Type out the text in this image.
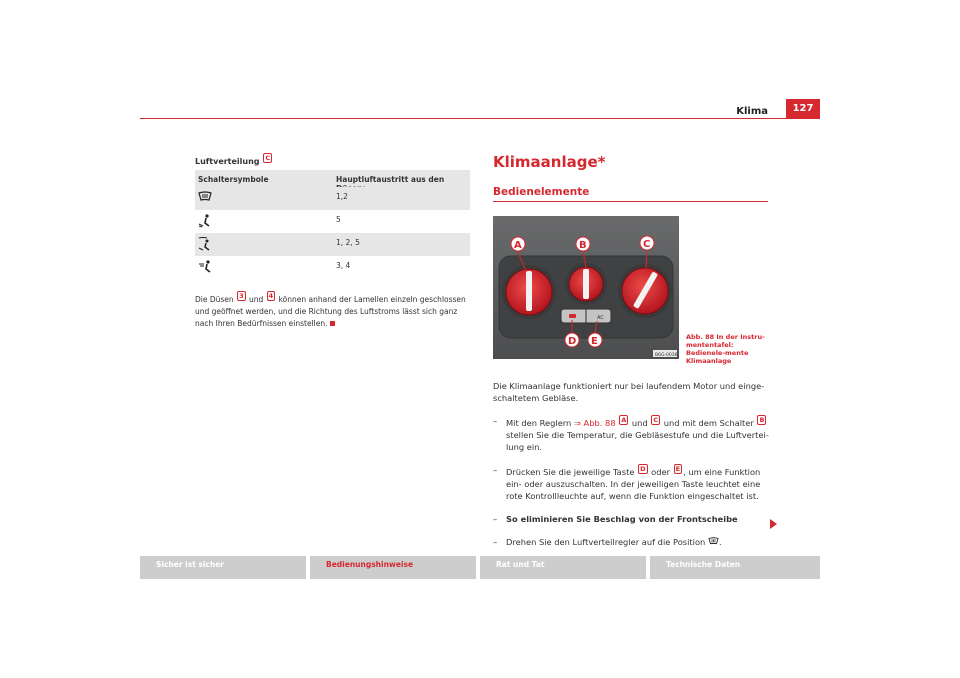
Klima	127
Luftverteilung C
Schaltersymbole	Hauptluftaustritt aus den
1,2
5
1, 2, 5
3, 4
Die Düsen 3 und 4 können anhand der Lamellen einzeln geschlossen und geöffnet werden, und die Richtung des Luftstroms lässt sich ganz nach Ihren Bedürfnissen einstellen.
Klimaanlage*
Bedienelemente
AC
A	B	C
D E
B6G-0036
Abb. 88 In der Instru-mententafel: Bedienele-mente Klimaanlage

Die Klimaanlage funktioniert nur bei laufendem Motor und einge-schaltetem Gebläse.

– Mit den Reglern ⇒ Abb. 88 A und C und mit dem Schalter B stellen Sie die Temperatur, die Gebläsestufe und die Luftvertei-lung ein.
– Drücken Sie die jeweilige Taste D oder E , um eine Funktion ein- oder auszuschalten. In der jeweiligen Taste leuchtet eine rote Kontrollleuchte auf, wenn die Funktion eingeschaltet ist.
– So eliminieren Sie Beschlag von der Frontscheibe
– Drehen Sie den Luftverteilregler auf die Position .
Sicher ist sicher	Bedienungshinweise	Rat und Tat	Technische Daten
